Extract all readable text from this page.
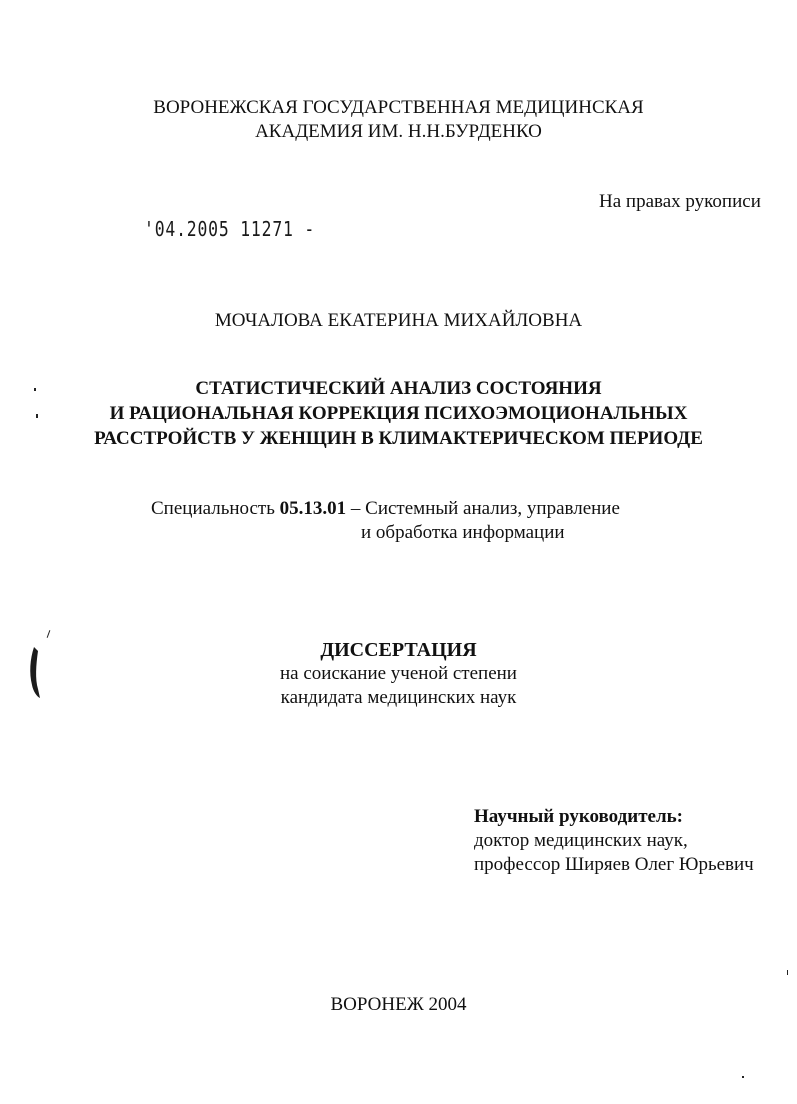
ВОРОНЕЖСКАЯ ГОСУДАРСТВЕННАЯ МЕДИЦИНСКАЯ
АКАДЕМИЯ ИМ. Н.Н.БУРДЕНКО
На правах рукописи
'04.2005 11271 -
МОЧАЛОВА ЕКАТЕРИНА МИХАЙЛОВНА
СТАТИСТИЧЕСКИЙ АНАЛИЗ СОСТОЯНИЯ
И РАЦИОНАЛЬНАЯ КОРРЕКЦИЯ ПСИХОЭМОЦИОНАЛЬНЫХ
РАССТРОЙСТВ У ЖЕНЩИН В КЛИМАКТЕРИЧЕСКОМ ПЕРИОДЕ
Специальность 05.13.01 – Системный анализ, управление
и обработка информации
ДИССЕРТАЦИЯ
на соискание ученой степени
кандидата медицинских наук
Научный руководитель:
доктор медицинских наук,
профессор Ширяев Олег Юрьевич
ВОРОНЕЖ 2004
